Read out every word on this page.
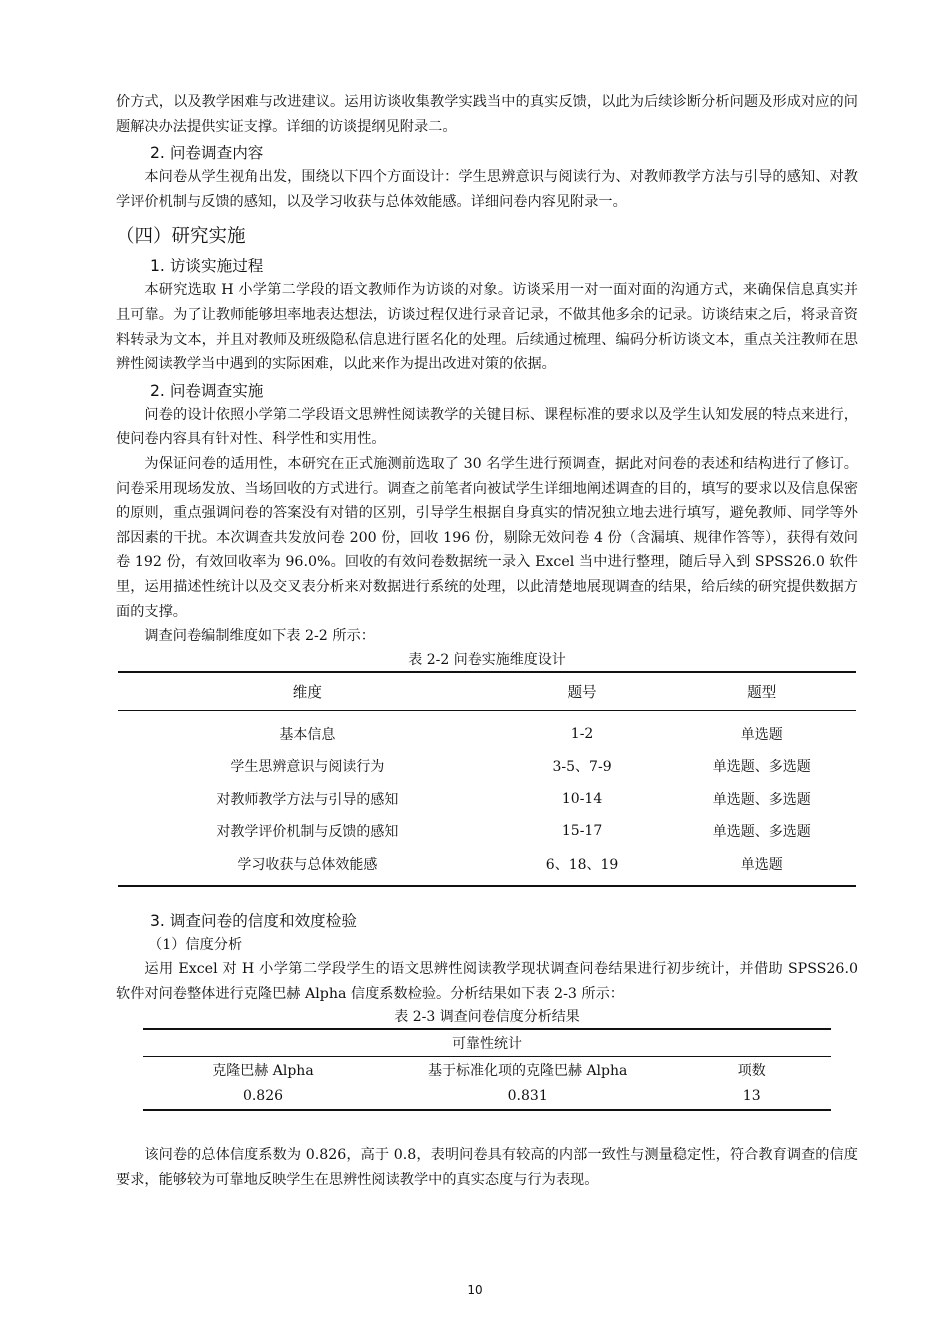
价方式，以及教学困难与改进建议。运用访谈收集教学实践当中的真实反馈，以此为后续诊断分析问题及形成对应的问题解决办法提供实证支撑。详细的访谈提纲见附录二。

2. 问卷调查内容

本问卷从学生视角出发，围绕以下四个方面设计：学生思辨意识与阅读行为、对教师教学方法与引导的感知、对教学评价机制与反馈的感知，以及学习收获与总体效能感。详细问卷内容见附录一。

（四）研究实施
1. 访谈实施过程

本研究选取 H 小学第二学段的语文教师作为访谈的对象。访谈采用一对一面对面的沟通方式，来确保信息真实并且可靠。为了让教师能够坦率地表达想法，访谈过程仅进行录音记录，不做其他多余的记录。访谈结束之后，将录音资料转录为文本，并且对教师及班级隐私信息进行匿名化的处理。后续通过梳理、编码分析访谈文本，重点关注教师在思辨性阅读教学当中遇到的实际困难，以此来作为提出改进对策的依据。

2. 问卷调查实施

问卷的设计依照小学第二学段语文思辨性阅读教学的关键目标、课程标准的要求以及学生认知发展的特点来进行，使问卷内容具有针对性、科学性和实用性。

为保证问卷的适用性，本研究在正式施测前选取了 30 名学生进行预调查，据此对问卷的表述和结构进行了修订。问卷采用现场发放、当场回收的方式进行。调查之前笔者向被试学生详细地阐述调查的目的，填写的要求以及信息保密的原则，重点强调问卷的答案没有对错的区别，引导学生根据自身真实的情况独立地去进行填写，避免教师、同学等外部因素的干扰。本次调查共发放问卷 200 份，回收 196 份，剔除无效问卷 4 份（含漏填、规律作答等），获得有效问卷 192 份，有效回收率为 96.0%。回收的有效问卷数据统一录入 Excel 当中进行整理，随后导入到 SPSS26.0 软件里，运用描述性统计以及交叉表分析来对数据进行系统的处理，以此清楚地展现调查的结果，给后续的研究提供数据方面的支撑。

调查问卷编制维度如下表 2-2 所示：

表 2-2 问卷实施维度设计
维度	题号	题型
基本信息	1-2	单选题
学生思辨意识与阅读行为	3-5、7-9	单选题、多选题
对教师教学方法与引导的感知	10-14	单选题、多选题
对教学评价机制与反馈的感知	15-17	单选题、多选题
学习收获与总体效能感	6、18、19	单选题
3. 调查问卷的信度和效度检验
（1）信度分析

运用 Excel 对 H 小学第二学段学生的语文思辨性阅读教学现状调查问卷结果进行初步统计，并借助 SPSS26.0 软件对问卷整体进行克隆巴赫 Alpha 信度系数检验。分析结果如下表 2-3 所示：

表 2-3 调查问卷信度分析结果
可靠性统计		
克隆巴赫 Alpha	基于标准化项的克隆巴赫 Alpha	项数
0.826	0.831	13

该问卷的总体信度系数为 0.826，高于 0.8，表明问卷具有较高的内部一致性与测量稳定性，符合教育调查的信度要求，能够较为可靠地反映学生在思辨性阅读教学中的真实态度与行为表现。

10
